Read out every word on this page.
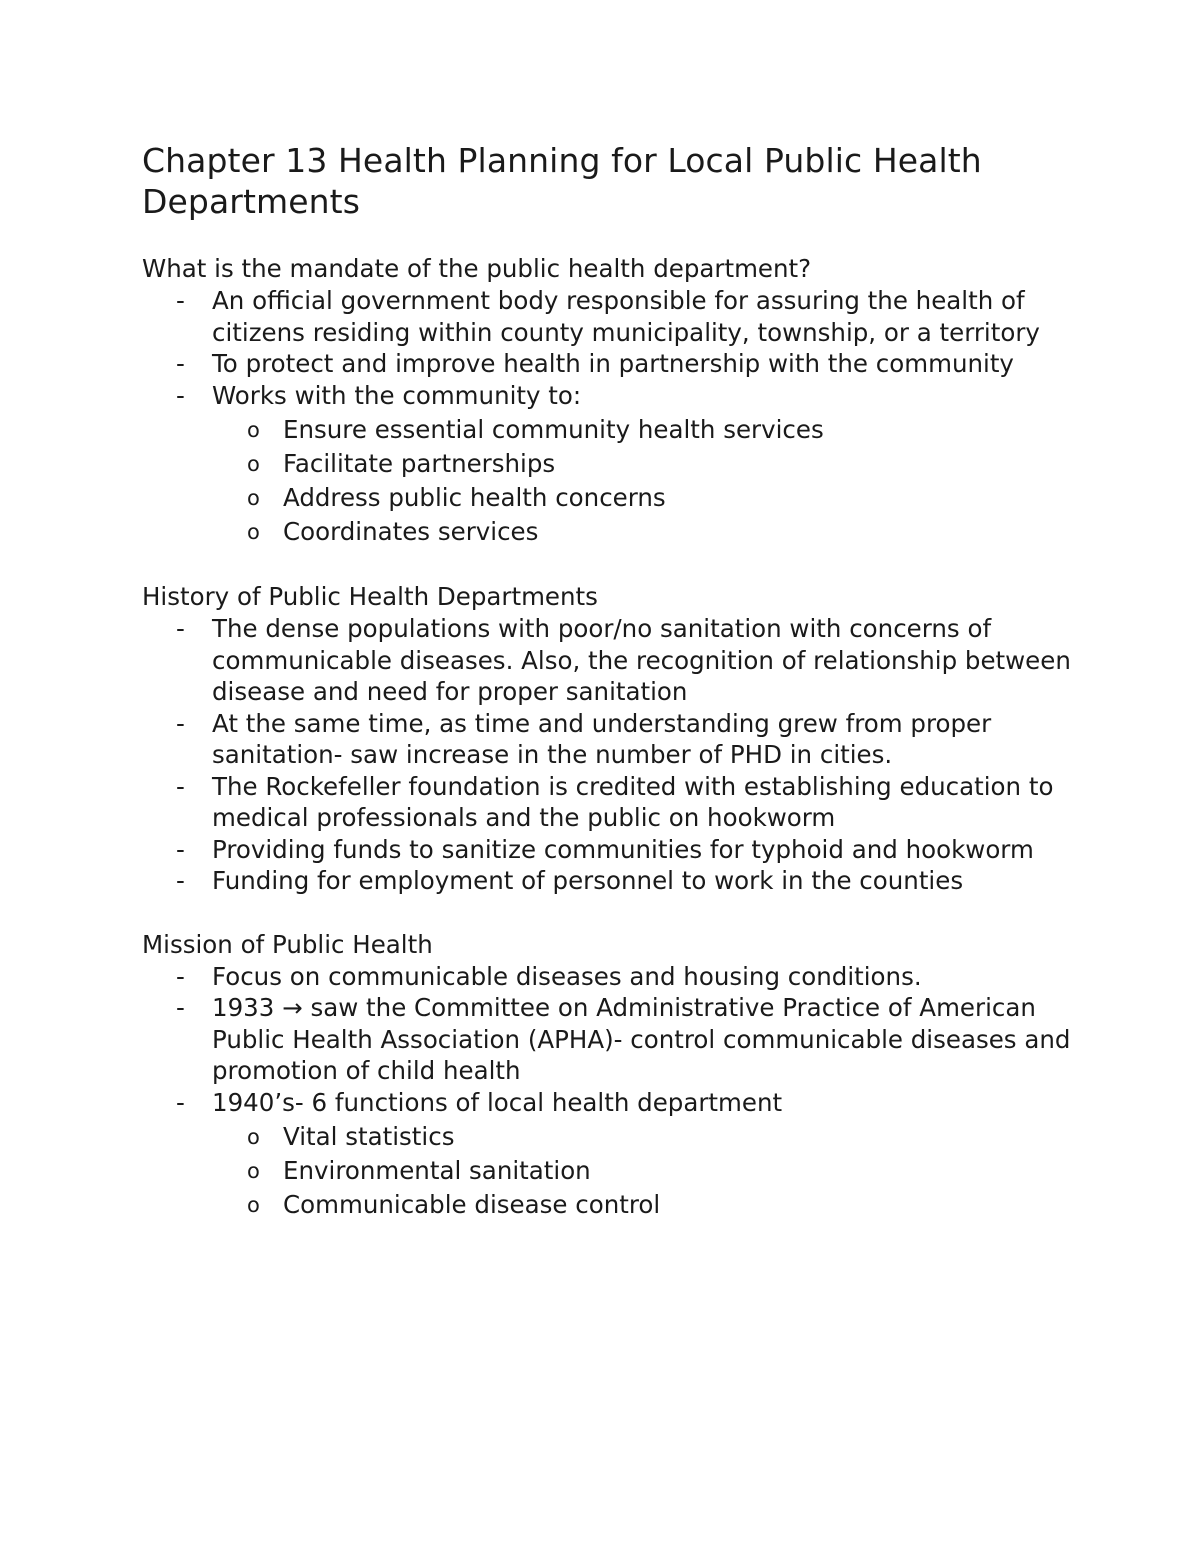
Chapter 13 Health Planning for Local Public Health Departments

What is the mandate of the public health department?

- An official government body responsible for assuring the health of citizens residing within county municipality, township, or a territory
- To protect and improve health in partnership with the community
- Works with the community to:
o Ensure essential community health services
o Facilitate partnerships
o Address public health concerns
o Coordinates services

History of Public Health Departments

- The dense populations with poor/no sanitation with concerns of communicable diseases. Also, the recognition of relationship between disease and need for proper sanitation
- At the same time, as time and understanding grew from proper sanitation- saw increase in the number of PHD in cities.
- The Rockefeller foundation is credited with establishing education to medical professionals and the public on hookworm
- Providing funds to sanitize communities for typhoid and hookworm
- Funding for employment of personnel to work in the counties

Mission of Public Health

- Focus on communicable diseases and housing conditions.
- 1933 → saw the Committee on Administrative Practice of American Public Health Association (APHA)- control communicable diseases and promotion of child health
- 1940’s- 6 functions of local health department
o Vital statistics
o Environmental sanitation
o Communicable disease control
